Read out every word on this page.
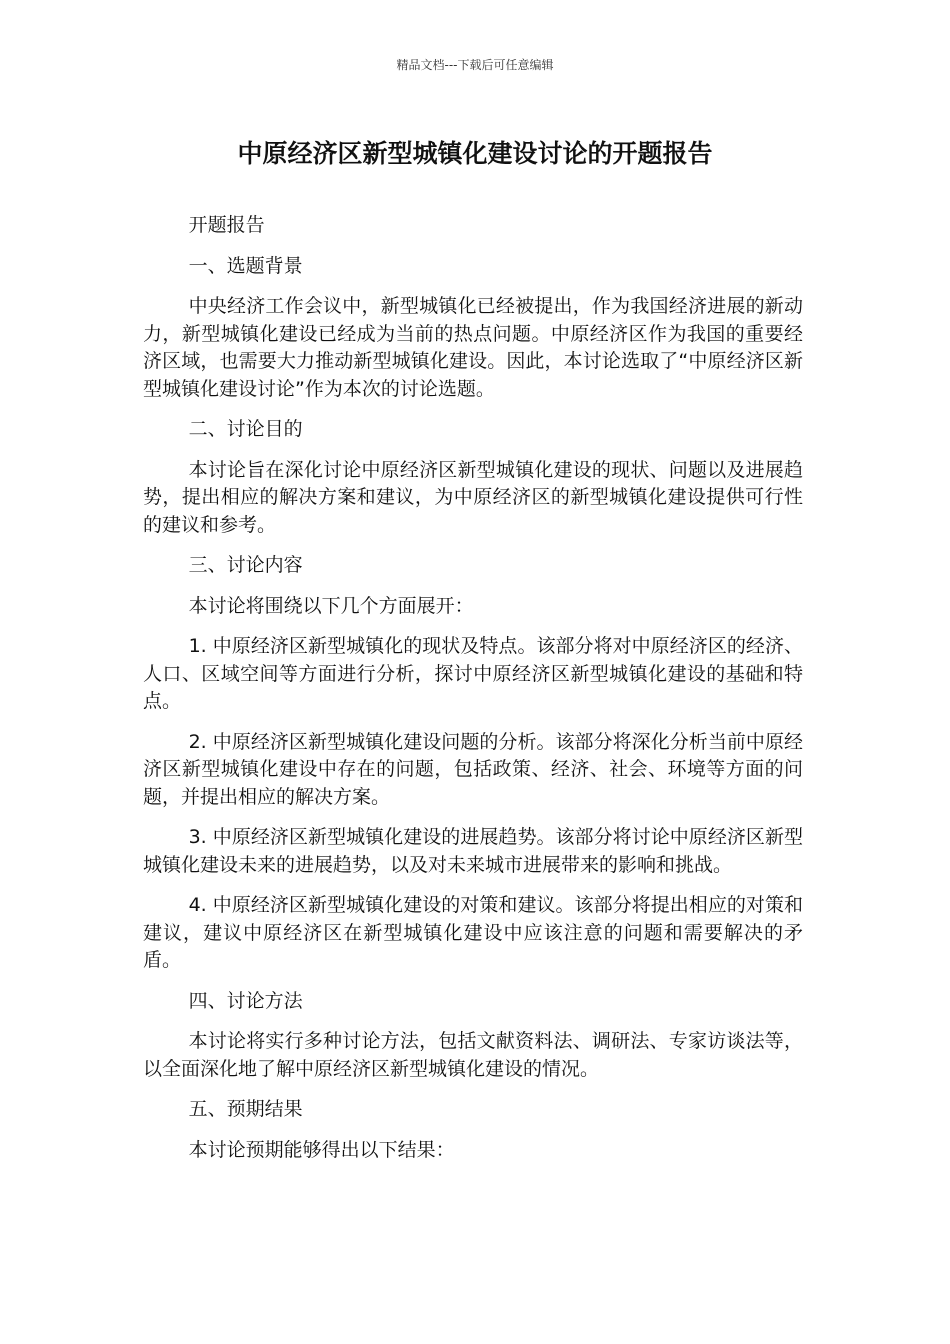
精品文档---下载后可任意编辑
中原经济区新型城镇化建设讨论的开题报告

开题报告

一、选题背景

中央经济工作会议中，新型城镇化已经被提出，作为我国经济进展的新动力，新型城镇化建设已经成为当前的热点问题。中原经济区作为我国的重要经济区域，也需要大力推动新型城镇化建设。因此，本讨论选取了“中原经济区新型城镇化建设讨论”作为本次的讨论选题。

二、讨论目的

本讨论旨在深化讨论中原经济区新型城镇化建设的现状、问题以及进展趋势，提出相应的解决方案和建议，为中原经济区的新型城镇化建设提供可行性的建议和参考。

三、讨论内容

本讨论将围绕以下几个方面展开：

1. 中原经济区新型城镇化的现状及特点。该部分将对中原经济区的经济、人口、区域空间等方面进行分析，探讨中原经济区新型城镇化建设的基础和特点。

2. 中原经济区新型城镇化建设问题的分析。该部分将深化分析当前中原经济区新型城镇化建设中存在的问题，包括政策、经济、社会、环境等方面的问题，并提出相应的解决方案。

3. 中原经济区新型城镇化建设的进展趋势。该部分将讨论中原经济区新型城镇化建设未来的进展趋势，以及对未来城市进展带来的影响和挑战。

4. 中原经济区新型城镇化建设的对策和建议。该部分将提出相应的对策和建议，建议中原经济区在新型城镇化建设中应该注意的问题和需要解决的矛盾。

四、讨论方法

本讨论将实行多种讨论方法，包括文献资料法、调研法、专家访谈法等，以全面深化地了解中原经济区新型城镇化建设的情况。

五、预期结果

本讨论预期能够得出以下结果：
